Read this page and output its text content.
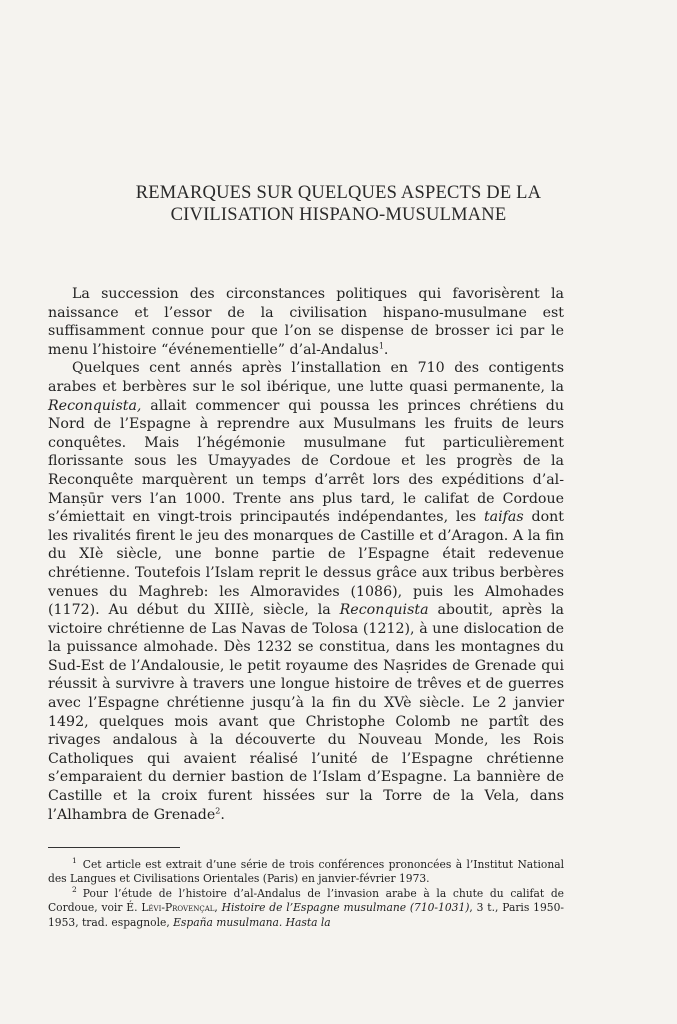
REMARQUES SUR QUELQUES ASPECTS DE LA
CIVILISATION HISPANO-MUSULMANE

La succession des circonstances politiques qui favorisèrent la naissance et l’essor de la civilisation hispano-musulmane est suffisamment connue pour que l’on se dispense de brosser ici par le menu l’histoire “événementielle” d’al-Andalus$^1$.

Quelques cent annés après l’installation en 710 des contigents arabes et berbères sur le sol ibérique, une lutte quasi permanente, la Reconquista, allait commencer qui poussa les princes chrétiens du Nord de l’Espagne à reprendre aux Musulmans les fruits de leurs conquêtes. Mais l’hégémonie musulmane fut particulièrement florissante sous les Umayyades de Cordoue et les progrès de la Reconquête marquèrent un temps d’arrêt lors des expéditions d’al-Manṣūr vers l’an 1000. Trente ans plus tard, le califat de Cordoue s’émiettait en vingt-trois principautés indépendantes, les taifas dont les rivalités firent le jeu des monarques de Castille et d’Aragon. A la fin du XIè siècle, une bonne partie de l’Espagne était redevenue chrétienne. Toutefois l’Islam reprit le dessus grâce aux tribus berbères venues du Maghreb: les Almoravides (1086), puis les Almohades (1172). Au début du XIIIè, siècle, la Reconquista aboutit, après la victoire chrétienne de Las Navas de Tolosa (1212), à une dislocation de la puissance almohade. Dès 1232 se constitua, dans les montagnes du Sud-Est de l’Andalousie, le petit royaume des Naṣrides de Grenade qui réussit à survivre à travers une longue histoire de trêves et de guerres avec l’Espagne chrétienne jusqu’à la fin du XVè siècle. Le 2 janvier 1492, quelques mois avant que Christophe Colomb ne partît des rivages andalous à la découverte du Nouveau Monde, les Rois Catholiques qui avaient réalisé l’unité de l’Espagne chrétienne s’emparaient du dernier bastion de l’Islam d’Espagne. La bannière de Castille et la croix furent hissées sur la Torre de la Vela, dans l’Alhambra de Grenade$^2$.

$^1$ Cet article est extrait d’une série de trois conférences prononcées à l’Institut National des Langues et Civilisations Orientales (Paris) en janvier-février 1973.

$^2$ Pour l’étude de l’histoire d’al-Andalus de l’invasion arabe à la chute du califat de Cordoue, voir É. Lévi-Provençal, Histoire de l’Espagne musulmane (710-1031), 3 t., Paris 1950-1953, trad. espagnole, España musulmana. Hasta la
